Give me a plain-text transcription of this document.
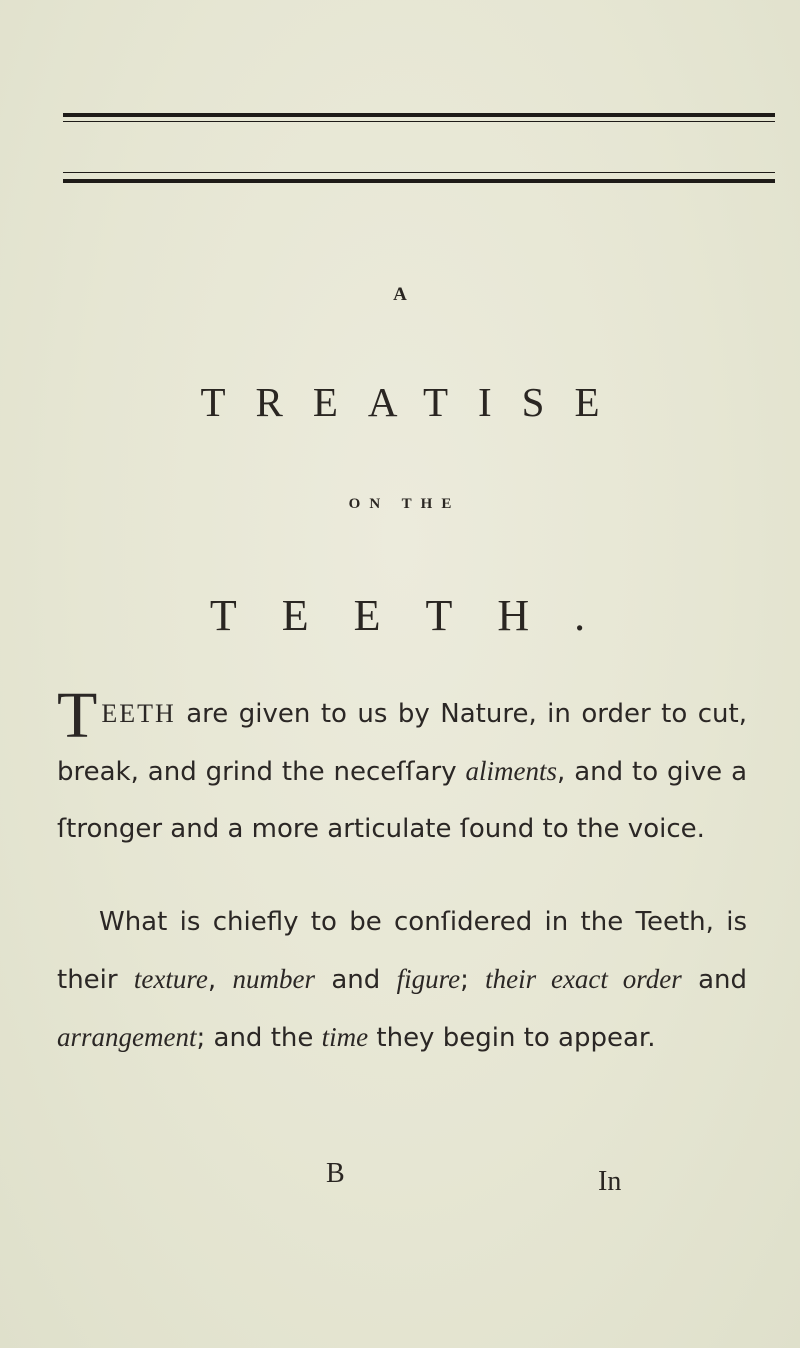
A
TREATISE
ON THE
TEETH.
TEETH are given to us by Nature, in order to cut, break, and grind the neceſſary aliments, and to give a ſtronger and a more articulate ſound to the voice.
What is chiefly to be conſidered in the Teeth, is their texture, number and figure; their exact order and arrangement; and the time they begin to appear.
B	In
